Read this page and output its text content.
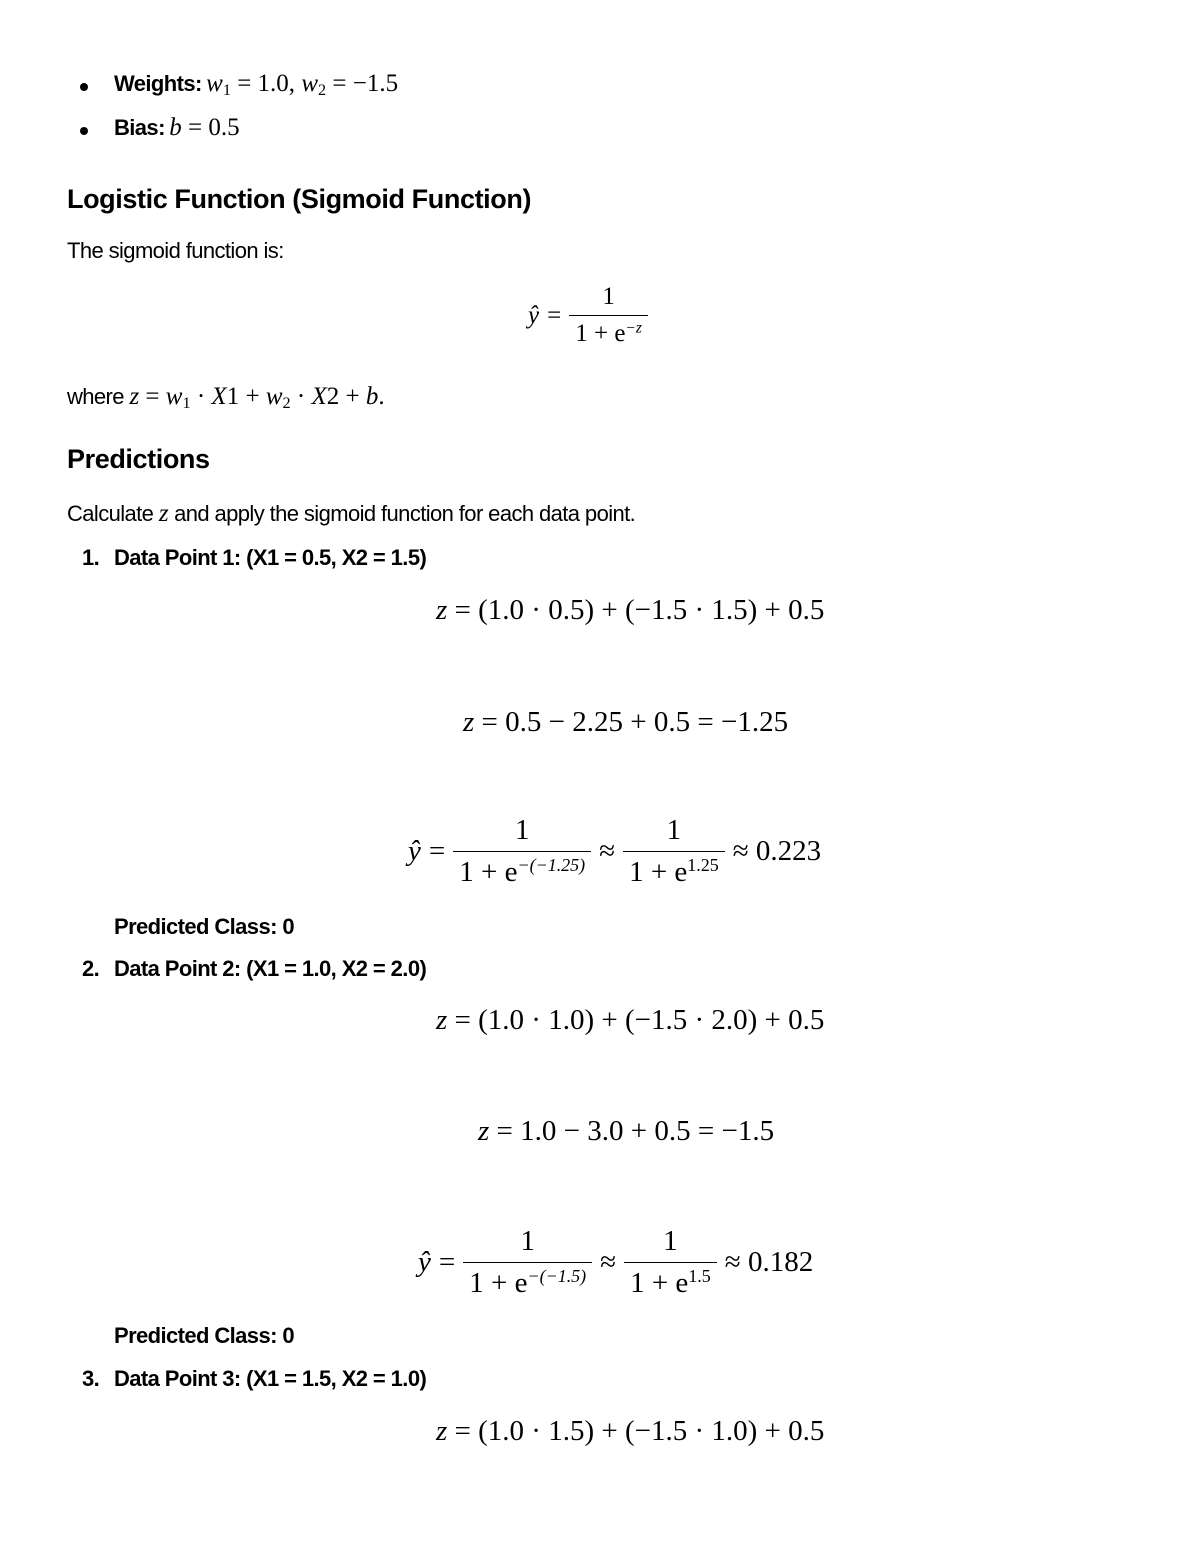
Weights: $w_1 = 1.0$, $w_2 = -1.5$
Bias: b = 0.5
Logistic Function (Sigmoid Function)
The sigmoid function is:
ŷ = $\frac{1}{1 + e^{-z}}$
where $z = w_1 \cdot X1 + w_2 \cdot X2 + b$.
Predictions
Calculate z and apply the sigmoid function for each data point.
1. Data Point 1: (X1 = 0.5, X2 = 1.5)
z = (1.0 · 0.5) + (−1.5 · 1.5) + 0.5
z = 0.5 − 2.25 + 0.5 = −1.25
ŷ = $\frac{1}{1 + e^{-(-1.25)}} \approx \frac{1}{1 + e^{1.25}} \approx 0.223$
Predicted Class: 0
2. Data Point 2: (X1 = 1.0, X2 = 2.0)
z = (1.0 · 1.0) + (−1.5 · 2.0) + 0.5
z = 1.0 − 3.0 + 0.5 = −1.5
ŷ = $\frac{1}{1 + e^{-(-1.5)}} \approx \frac{1}{1 + e^{1.5}} \approx 0.182$
Predicted Class: 0
3. Data Point 3: (X1 = 1.5, X2 = 1.0)
z = (1.0 · 1.5) + (−1.5 · 1.0) + 0.5
